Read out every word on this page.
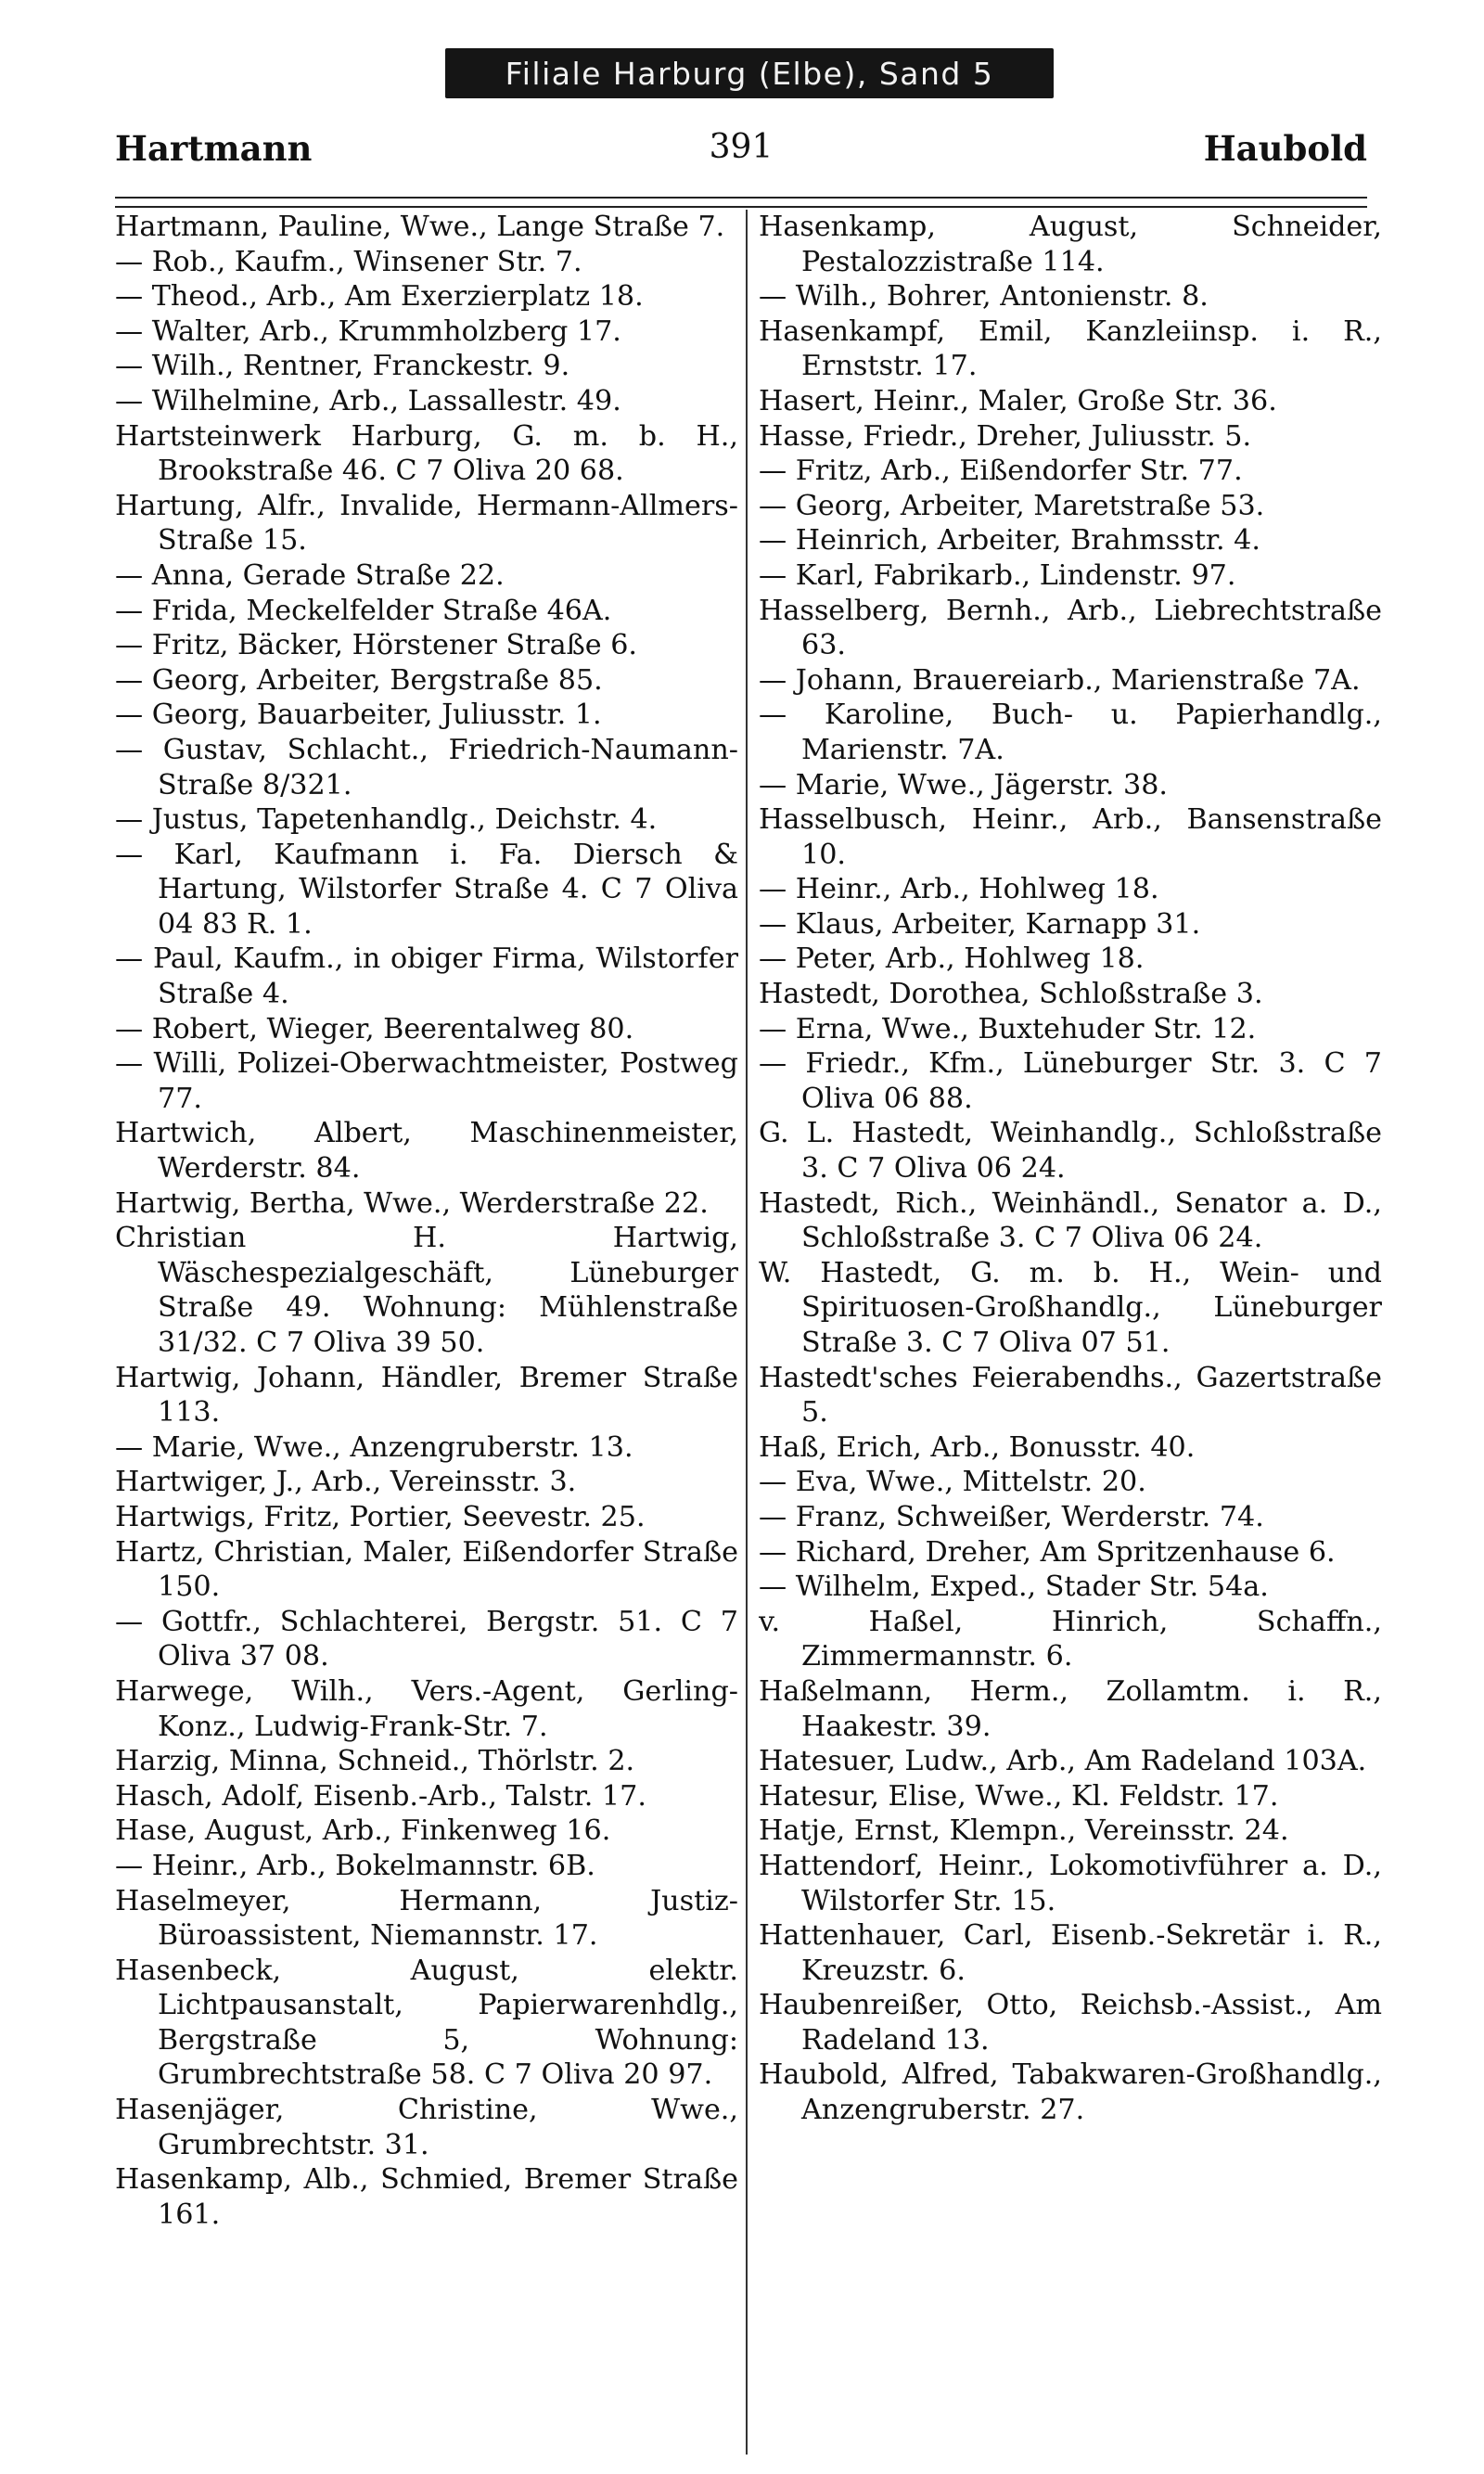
Filiale Harburg (Elbe), Sand 5
Hartmann	391	Haubold

Hartmann, Pauline, Wwe., Lange Straße 7.

— Rob., Kaufm., Winsener Str. 7.

— Theod., Arb., Am Exerzierplatz 18.

— Walter, Arb., Krummholzberg 17.

— Wilh., Rentner, Franckestr. 9.

— Wilhelmine, Arb., Lassallestr. 49.

Hartsteinwerk Harburg, G. m. b. H., Brookstraße 46. C 7 Oliva 20 68.

Hartung, Alfr., Invalide, Hermann-Allmers-Straße 15.

— Anna, Gerade Straße 22.

— Frida, Meckelfelder Straße 46A.

— Fritz, Bäcker, Hörstener Straße 6.

— Georg, Arbeiter, Bergstraße 85.

— Georg, Bauarbeiter, Juliusstr. 1.

— Gustav, Schlacht., Friedrich-Naumann-Straße 8/321.

— Justus, Tapetenhandlg., Deichstr. 4.

— Karl, Kaufmann i. Fa. Diersch & Hartung, Wilstorfer Straße 4. C 7 Oliva 04 83 R. 1.

— Paul, Kaufm., in obiger Firma, Wilstorfer Straße 4.

— Robert, Wieger, Beerentalweg 80.

— Willi, Polizei-Oberwachtmeister, Postweg 77.

Hartwich, Albert, Maschinenmeister, Werderstr. 84.

Hartwig, Bertha, Wwe., Werderstraße 22.

Christian H. Hartwig, Wäschespezialgeschäft, Lüneburger Straße 49. Wohnung: Mühlenstraße 31/32. C 7 Oliva 39 50.

Hartwig, Johann, Händler, Bremer Straße 113.

— Marie, Wwe., Anzengruberstr. 13.

Hartwiger, J., Arb., Vereinsstr. 3.

Hartwigs, Fritz, Portier, Seevestr. 25.

Hartz, Christian, Maler, Eißendorfer Straße 150.

— Gottfr., Schlachterei, Bergstr. 51. C 7 Oliva 37 08.

Harwege, Wilh., Vers.-Agent, Gerling-Konz., Ludwig-Frank-Str. 7.

Harzig, Minna, Schneid., Thörlstr. 2.

Hasch, Adolf, Eisenb.-Arb., Talstr. 17.

Hase, August, Arb., Finkenweg 16.

— Heinr., Arb., Bokelmannstr. 6B.

Haselmeyer, Hermann, Justiz-Büroassistent, Niemannstr. 17.

Hasenbeck, August, elektr. Lichtpausanstalt, Papierwarenhdlg., Bergstraße 5, Wohnung: Grumbrechtstraße 58. C 7 Oliva 20 97.

Hasenjäger, Christine, Wwe., Grumbrechtstr. 31.

Hasenkamp, Alb., Schmied, Bremer Straße 161.

Hasenkamp, August, Schneider, Pestalozzistraße 114.

— Wilh., Bohrer, Antonienstr. 8.

Hasenkampf, Emil, Kanzleiinsp. i. R., Ernststr. 17.

Hasert, Heinr., Maler, Große Str. 36.

Hasse, Friedr., Dreher, Juliusstr. 5.

— Fritz, Arb., Eißendorfer Str. 77.

— Georg, Arbeiter, Maretstraße 53.

— Heinrich, Arbeiter, Brahmsstr. 4.

— Karl, Fabrikarb., Lindenstr. 97.

Hasselberg, Bernh., Arb., Liebrechtstraße 63.

— Johann, Brauereiarb., Marienstraße 7A.

— Karoline, Buch- u. Papierhandlg., Marienstr. 7A.

— Marie, Wwe., Jägerstr. 38.

Hasselbusch, Heinr., Arb., Bansenstraße 10.

— Heinr., Arb., Hohlweg 18.

— Klaus, Arbeiter, Karnapp 31.

— Peter, Arb., Hohlweg 18.

Hastedt, Dorothea, Schloßstraße 3.

— Erna, Wwe., Buxtehuder Str. 12.

— Friedr., Kfm., Lüneburger Str. 3. C 7 Oliva 06 88.

G. L. Hastedt, Weinhandlg., Schloßstraße 3. C 7 Oliva 06 24.

Hastedt, Rich., Weinhändl., Senator a. D., Schloßstraße 3. C 7 Oliva 06 24.

W. Hastedt, G. m. b. H., Wein- und Spirituosen-Großhandlg., Lüneburger Straße 3. C 7 Oliva 07 51.

Hastedt'sches Feierabendhs., Gazertstraße 5.

Haß, Erich, Arb., Bonusstr. 40.

— Eva, Wwe., Mittelstr. 20.

— Franz, Schweißer, Werderstr. 74.

— Richard, Dreher, Am Spritzenhause 6.

— Wilhelm, Exped., Stader Str. 54a.

v. Haßel, Hinrich, Schaffn., Zimmermannstr. 6.

Haßelmann, Herm., Zollamtm. i. R., Haakestr. 39.

Hatesuer, Ludw., Arb., Am Radeland 103A.

Hatesur, Elise, Wwe., Kl. Feldstr. 17.

Hatje, Ernst, Klempn., Vereinsstr. 24.

Hattendorf, Heinr., Lokomotivführer a. D., Wilstorfer Str. 15.

Hattenhauer, Carl, Eisenb.-Sekretär i. R., Kreuzstr. 6.

Haubenreißer, Otto, Reichsb.-Assist., Am Radeland 13.

Haubold, Alfred, Tabakwaren-Großhandlg., Anzengruberstr. 27.
